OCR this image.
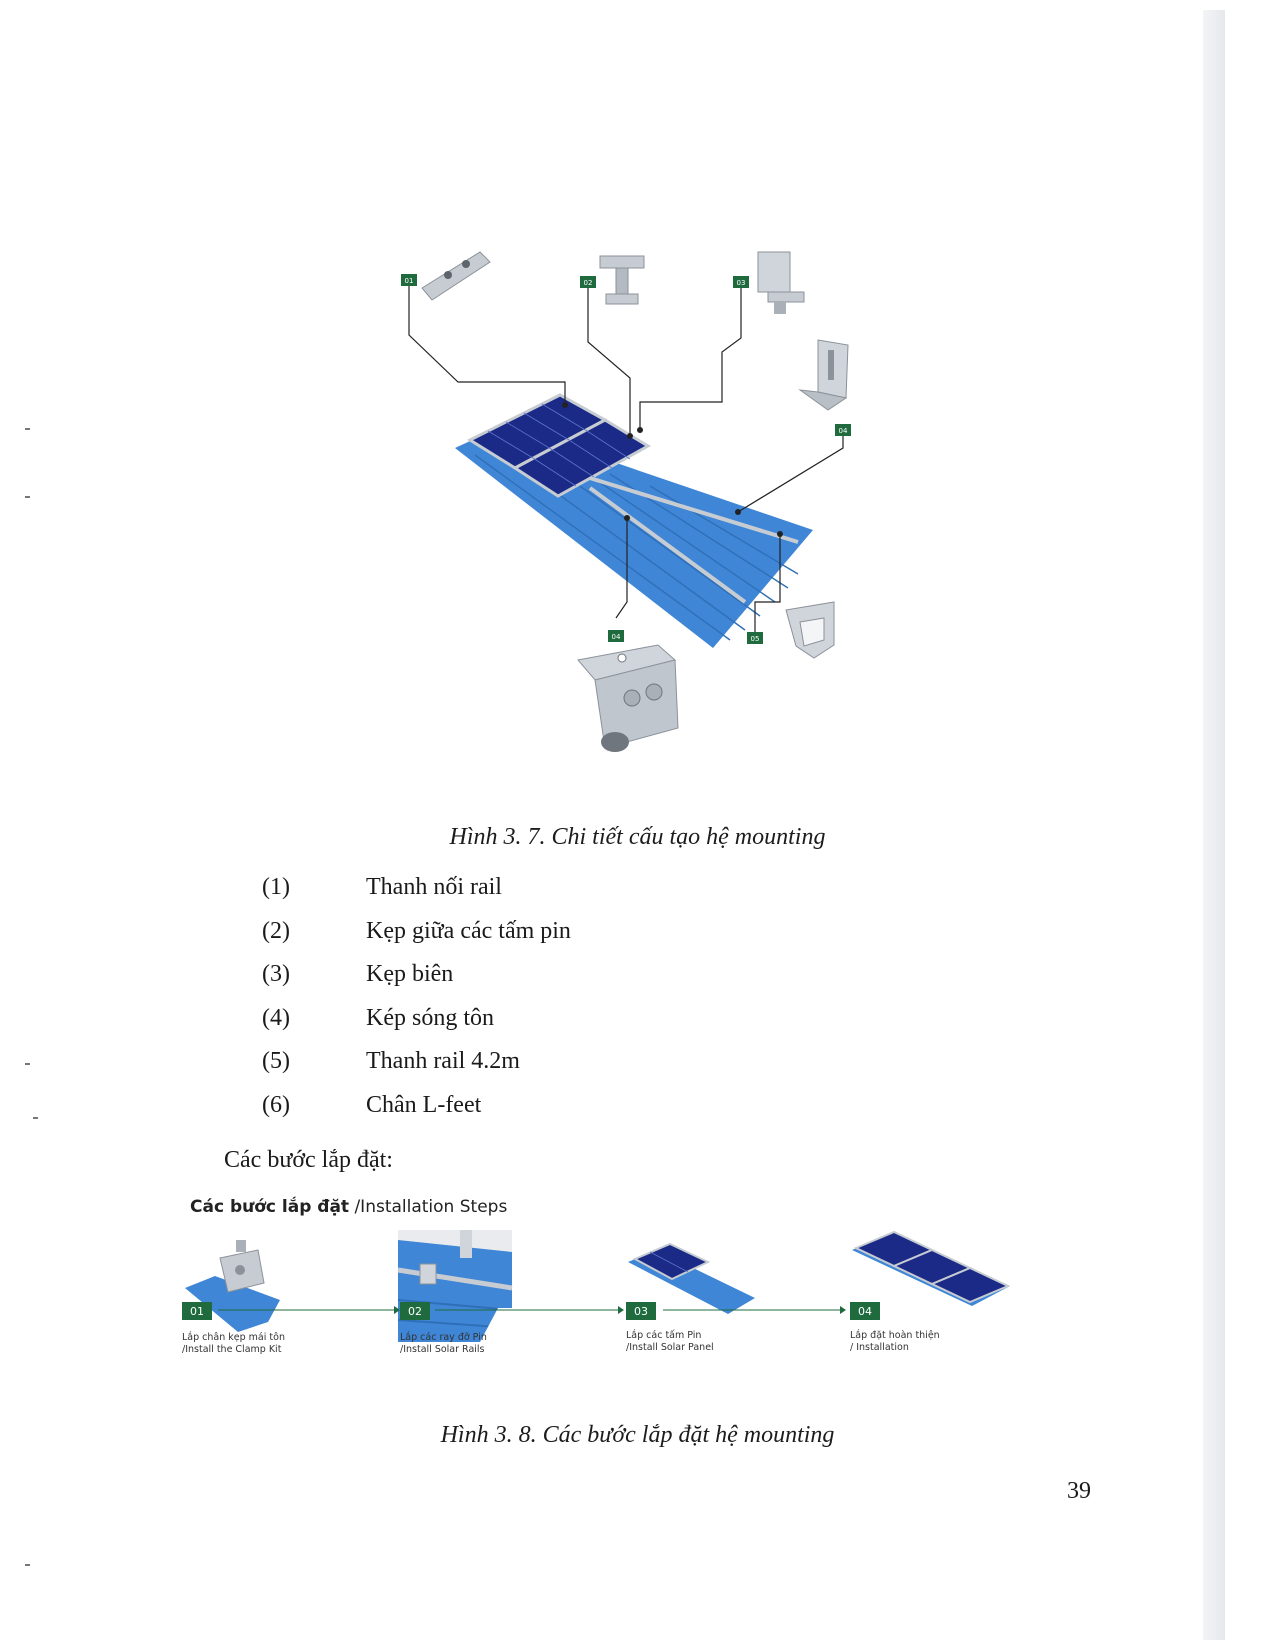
01	02	03
04
04	05
Hình 3. 7. Chi tiết cấu tạo hệ mounting
(1)	Thanh nối rail
(2)	Kẹp giữa các tấm pin
(3)	Kẹp biên
(4)	Kép sóng tôn
(5)	Thanh rail 4.2m
(6)	Chân L-feet
Các bước lắp đặt:
Các bước lắp đặt /Installation Steps
01	02	03	04
Lắp chân kẹp mái tôn
/Install the Clamp Kit
Lắp các ray đỡ Pin
/Install Solar Rails
Lắp các tấm Pin
/Install Solar Panel
Lắp đặt hoàn thiện
/ Installation
Hình 3. 8. Các bước lắp đặt hệ mounting
39
